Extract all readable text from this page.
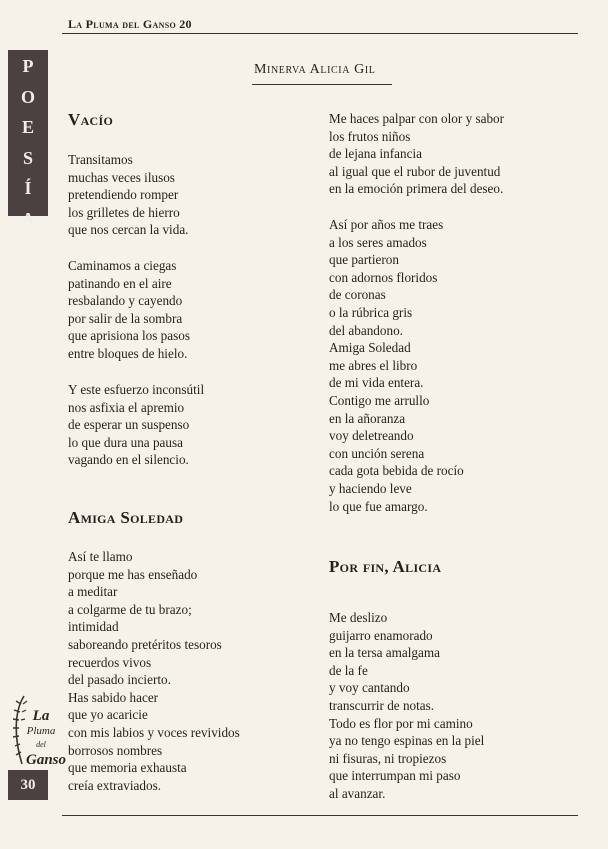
La Pluma del Ganso 20
P
O
E
S
Í
A
La
Pluma
del
Ganso
30
Minerva Alicia Gil
Vacío
Transitamos
muchas veces ilusos
pretendiendo romper
los grilletes de hierro
que nos cercan la vida.
Caminamos a ciegas
patinando en el aire
resbalando y cayendo
por salir de la sombra
que aprisiona los pasos
entre bloques de hielo.
Y este esfuerzo inconsútil
nos asfixia el apremio
de esperar un suspenso
lo que dura una pausa
vagando en el silencio.
Amiga Soledad
Así te llamo
porque me has enseñado
a meditar
a colgarme de tu brazo;
intimidad
saboreando pretéritos tesoros
recuerdos vivos
del pasado incierto.
Has sabido hacer
que yo acaricie
con mis labios y voces revividos
borrosos nombres
que memoria exhausta
creía extraviados.
Me haces palpar con olor y sabor
los frutos niños
de lejana infancia
al igual que el rubor de juventud
en la emoción primera del deseo.
Así por años me traes
a los seres amados
que partieron
con adornos floridos
de coronas
o la rúbrica gris
del abandono.
Amiga Soledad
me abres el libro
de mi vida entera.
Contigo me arrullo
en la añoranza
voy deletreando
con unción serena
cada gota bebida de rocío
y haciendo leve
lo que fue amargo.
Por fin, Alicia
Me deslizo
guijarro enamorado
en la tersa amalgama
de la fe
y voy cantando
transcurrir de notas.
Todo es flor por mi camino
ya no tengo espinas en la piel
ni fisuras, ni tropiezos
que interrumpan mi paso
al avanzar.
